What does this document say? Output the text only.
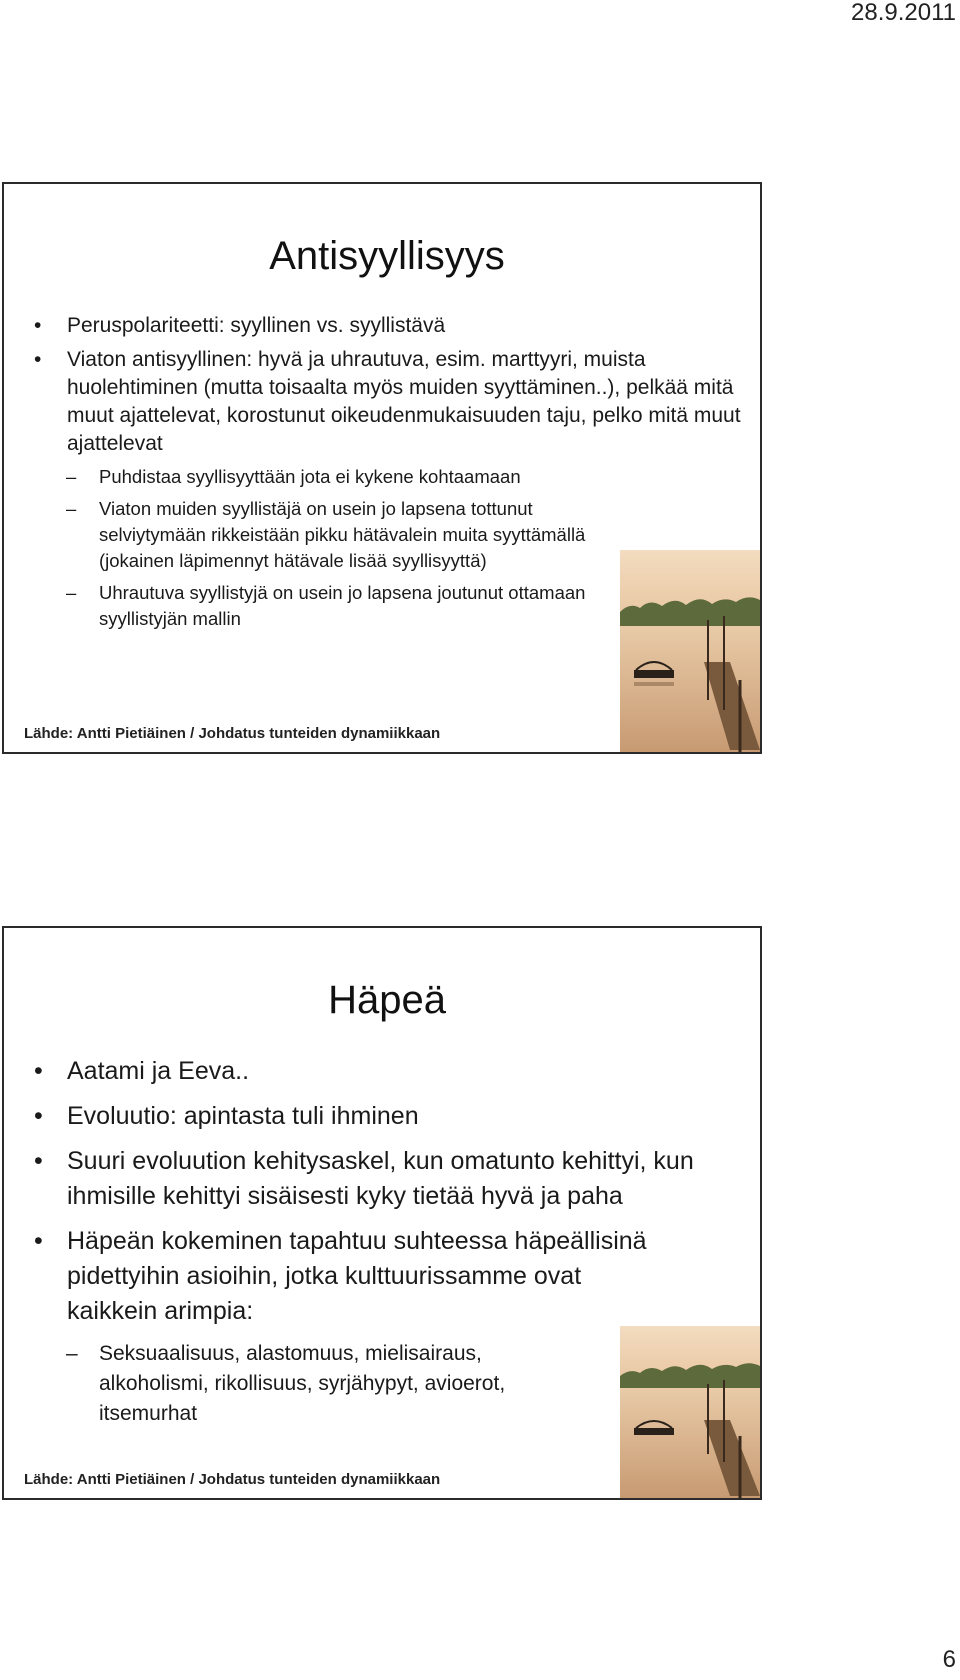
28.9.2011
Antisyyllisyys
• Peruspolariteetti: syyllinen vs. syyllistävä
• Viaton antisyyllinen: hyvä ja uhrautuva, esim. marttyyri, muista huolehtiminen (mutta toisaalta myös muiden syyttäminen..), pelkää mitä muut ajattelevat, korostunut oikeudenmukaisuuden taju, pelko mitä muut ajattelevat
– Puhdistaa syyllisyyttään jota ei kykene kohtaamaan
– Viaton muiden syyllistäjä on usein jo lapsena tottunut selviytymään rikkeistään pikku hätävalein muita syyttämällä (jokainen läpimennyt hätävale lisää syyllisyyttä)
– Uhrautuva syyllistyjä on usein jo lapsena joutunut ottamaan syyllistyjän mallin
Lähde: Antti Pietiäinen / Johdatus tunteiden dynamiikkaan
Häpeä
• Aatami ja Eeva..
• Evoluutio: apintasta tuli ihminen
• Suuri evoluution kehitysaskel, kun omatunto kehittyi, kun ihmisille kehittyi sisäisesti kyky tietää hyvä ja paha
• Häpeän kokeminen tapahtuu suhteessa häpeällisinä pidettyihin asioihin, jotka kulttuurissamme ovat kaikkein arimpia:
– Seksuaalisuus, alastomuus, mielisairaus, alkoholismi, rikollisuus, syrjähypyt, avioerot, itsemurhat
Lähde: Antti Pietiäinen / Johdatus tunteiden dynamiikkaan
6
